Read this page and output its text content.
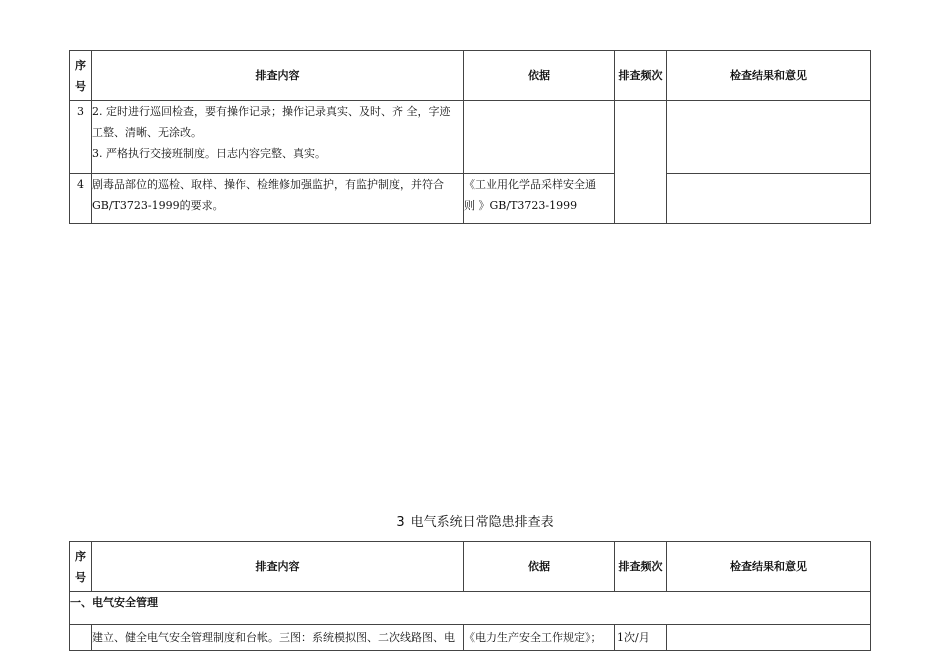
序
号	排查内容	依据	排查频次	检查结果和意见
3	2. 定时进行巡回检查，要有操作记录；操作记录真实、及时、齐 全，字迹
工整、清晰、无涂改。
3. 严格执行交接班制度。日志内容完整、真实。			

4	剧毒品部位的巡检、取样、操作、检维修加强监护，有监护制度，并符合
GB/T3723-1999的要求。	《工业用化学品采样安全通
则 》GB/T3723-1999		

3 电气系统日常隐患排查表
序
号	排查内容	依据	排查频次	检查结果和意见
一、电气安全管理				

	建立、健全电气安全管理制度和台帐。三图：系统模拟图、二次线路图、电	《电力生产安全工作规定》；	1次/月	
